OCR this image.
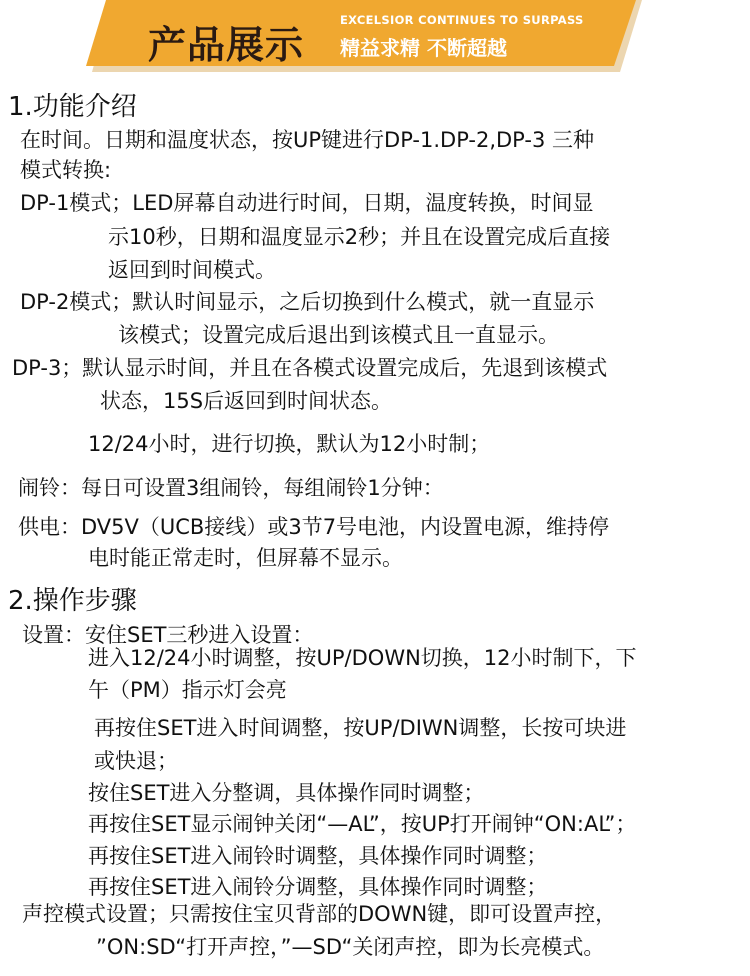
产品展示
EXCELSIOR CONTINUES TO SURPASS
精益求精 不断超越
1.功能介绍
在时间。日期和温度状态，按UP键进行DP-1.DP-2,DP-3 三种
模式转换:
DP-1模式；LED屏幕自动进行时间，日期，温度转换，时间显
示10秒，日期和温度显示2秒；并且在设置完成后直接
返回到时间模式。
DP-2模式；默认时间显示，之后切换到什么模式，就一直显示
该模式；设置完成后退出到该模式且一直显示。
DP-3；默认显示时间，并且在各模式设置完成后，先退到该模式
状态，15S后返回到时间状态。
12/24小时，进行切换，默认为12小时制；
闹铃：每日可设置3组闹铃，每组闹铃1分钟：
供电：DV5V（UCB接线）或3节7号电池，内设置电源，维持停
电时能正常走时，但屏幕不显示。
2.操作步骤
设置：安住SET三秒进入设置：
进入12/24小时调整，按UP/DOWN切换，12小时制下，下
午（PM）指示灯会亮
再按住SET进入时间调整，按UP/DIWN调整，长按可块进
或快退；
按住SET进入分整调，具体操作同时调整；
再按住SET显示闹钟关闭“—AL”，按UP打开闹钟“ON:AL”；
再按住SET进入闹铃时调整，具体操作同时调整；
再按住SET进入闹铃分调整，具体操作同时调整；
声控模式设置；只需按住宝贝背部的DOWN键，即可设置声控，
”ON:SD“打开声控，”—SD“关闭声控，即为长亮模式。
